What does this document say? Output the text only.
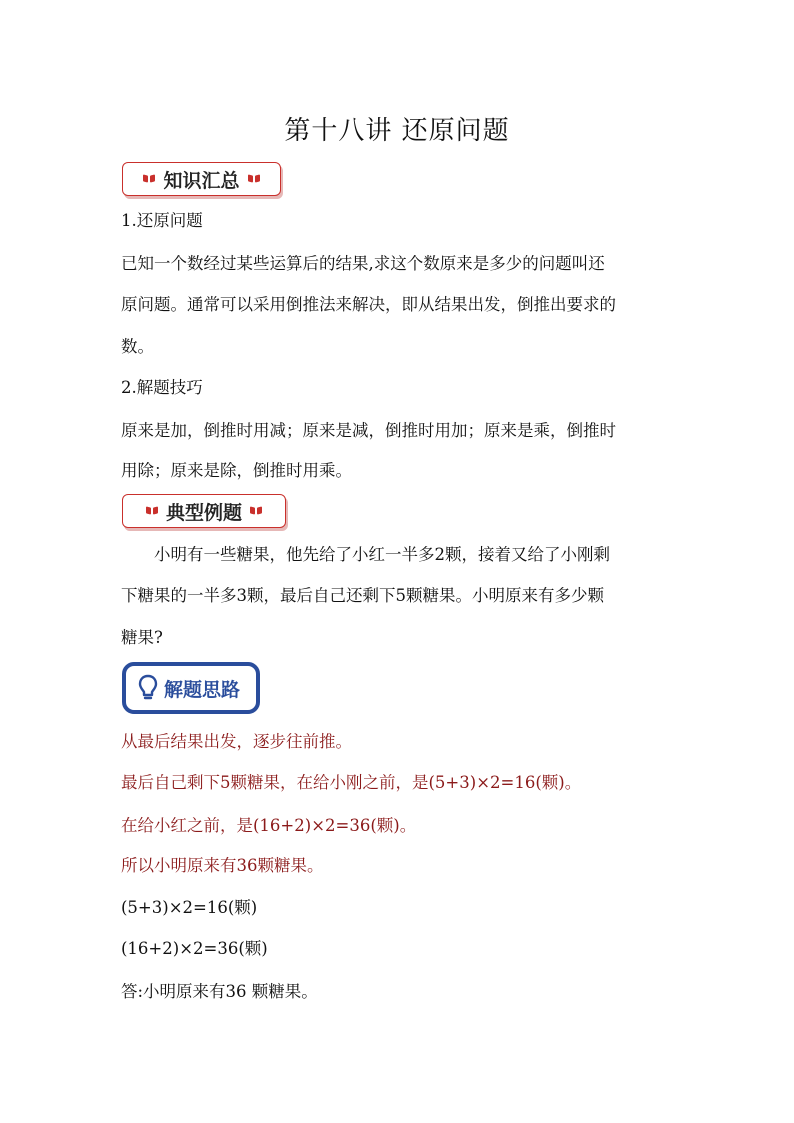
第十八讲 还原问题
知识汇总
1.还原问题
已知一个数经过某些运算后的结果,求这个数原来是多少的问题叫还
原问题。通常可以采用倒推法来解决，即从结果出发，倒推出要求的
数。
2.解题技巧
原来是加，倒推时用减；原来是减，倒推时用加；原来是乘，倒推时
用除；原来是除，倒推时用乘。
典型例题
　　小明有一些糖果，他先给了小红一半多2颗，接着又给了小刚剩
下糖果的一半多3颗，最后自己还剩下5颗糖果。小明原来有多少颗
糖果?
解题思路
从最后结果出发，逐步往前推。
最后自己剩下5颗糖果，在给小刚之前，是(5+3)×2=16(颗)。
在给小红之前，是(16+2)×2=36(颗)。
所以小明原来有36颗糖果。
(5+3)×2=16(颗)
(16+2)×2=36(颗)
答:小明原来有36 颗糖果。
